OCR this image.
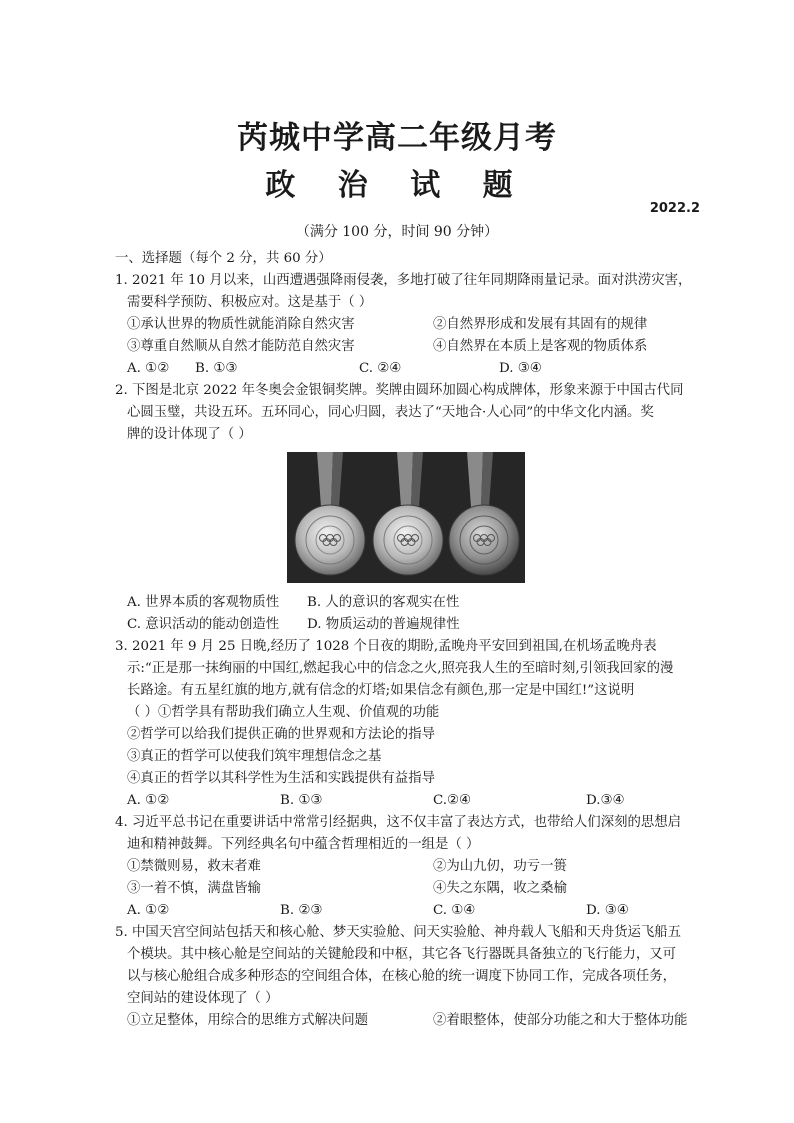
芮城中学高二年级月考
政 治 试 题
2022.2
（满分 100 分，时间 90 分钟）
一、选择题（每个 2 分，共 60 分）
1. 2021 年 10 月以来，山西遭遇强降雨侵袭，多地打破了往年同期降雨量记录。面对洪涝灾害，
需要科学预防、积极应对。这是基于（ ）
①承认世界的物质性就能消除自然灾害	②自然界形成和发展有其固有的规律
③尊重自然顺从自然才能防范自然灾害	④自然界在本质上是客观的物质体系
A. ①②	B. ①③	C. ②④	D. ③④
2. 下图是北京 2022 年冬奥会金银铜奖牌。奖牌由圆环加圆心构成牌体，形象来源于中国古代同
心圆玉璧，共设五环。五环同心，同心归圆，表达了“天地合·人心同”的中华文化内涵。奖
牌的设计体现了（ ）
A. 世界本质的客观物质性	B. 人的意识的客观实在性
C. 意识活动的能动创造性	D. 物质运动的普遍规律性
3. 2021 年 9 月 25 日晚,经历了 1028 个日夜的期盼,孟晚舟平安回到祖国,在机场孟晚舟表
示:“正是那一抹绚丽的中国红,燃起我心中的信念之火,照亮我人生的至暗时刻,引领我回家的漫
长路途。有五星红旗的地方,就有信念的灯塔;如果信念有颜色,那一定是中国红!”这说明
（ ）①哲学具有帮助我们确立人生观、价值观的功能
②哲学可以给我们提供正确的世界观和方法论的指导
③真正的哲学可以使我们筑牢理想信念之基
④真正的哲学以其科学性为生活和实践提供有益指导
A. ①②	B. ①③	C.②④	D.③④
4. 习近平总书记在重要讲话中常常引经据典，这不仅丰富了表达方式，也带给人们深刻的思想启
迪和精神鼓舞。下列经典名句中蕴含哲理相近的一组是（ ）
①禁微则易，救末者难	②为山九仞，功亏一篑
③一着不慎，满盘皆输	④失之东隅，收之桑榆
A. ①②	B. ②③	C. ①④	D. ③④
5. 中国天宫空间站包括天和核心舱、梦天实验舱、问天实验舱、神舟载人飞船和天舟货运飞船五
个模块。其中核心舱是空间站的关键舱段和中枢，其它各飞行器既具备独立的飞行能力，又可
以与核心舱组合成多种形态的空间组合体，在核心舱的统一调度下协同工作，完成各项任务，
空间站的建设体现了（ ）
①立足整体，用综合的思维方式解决问题	②着眼整体，使部分功能之和大于整体功能
